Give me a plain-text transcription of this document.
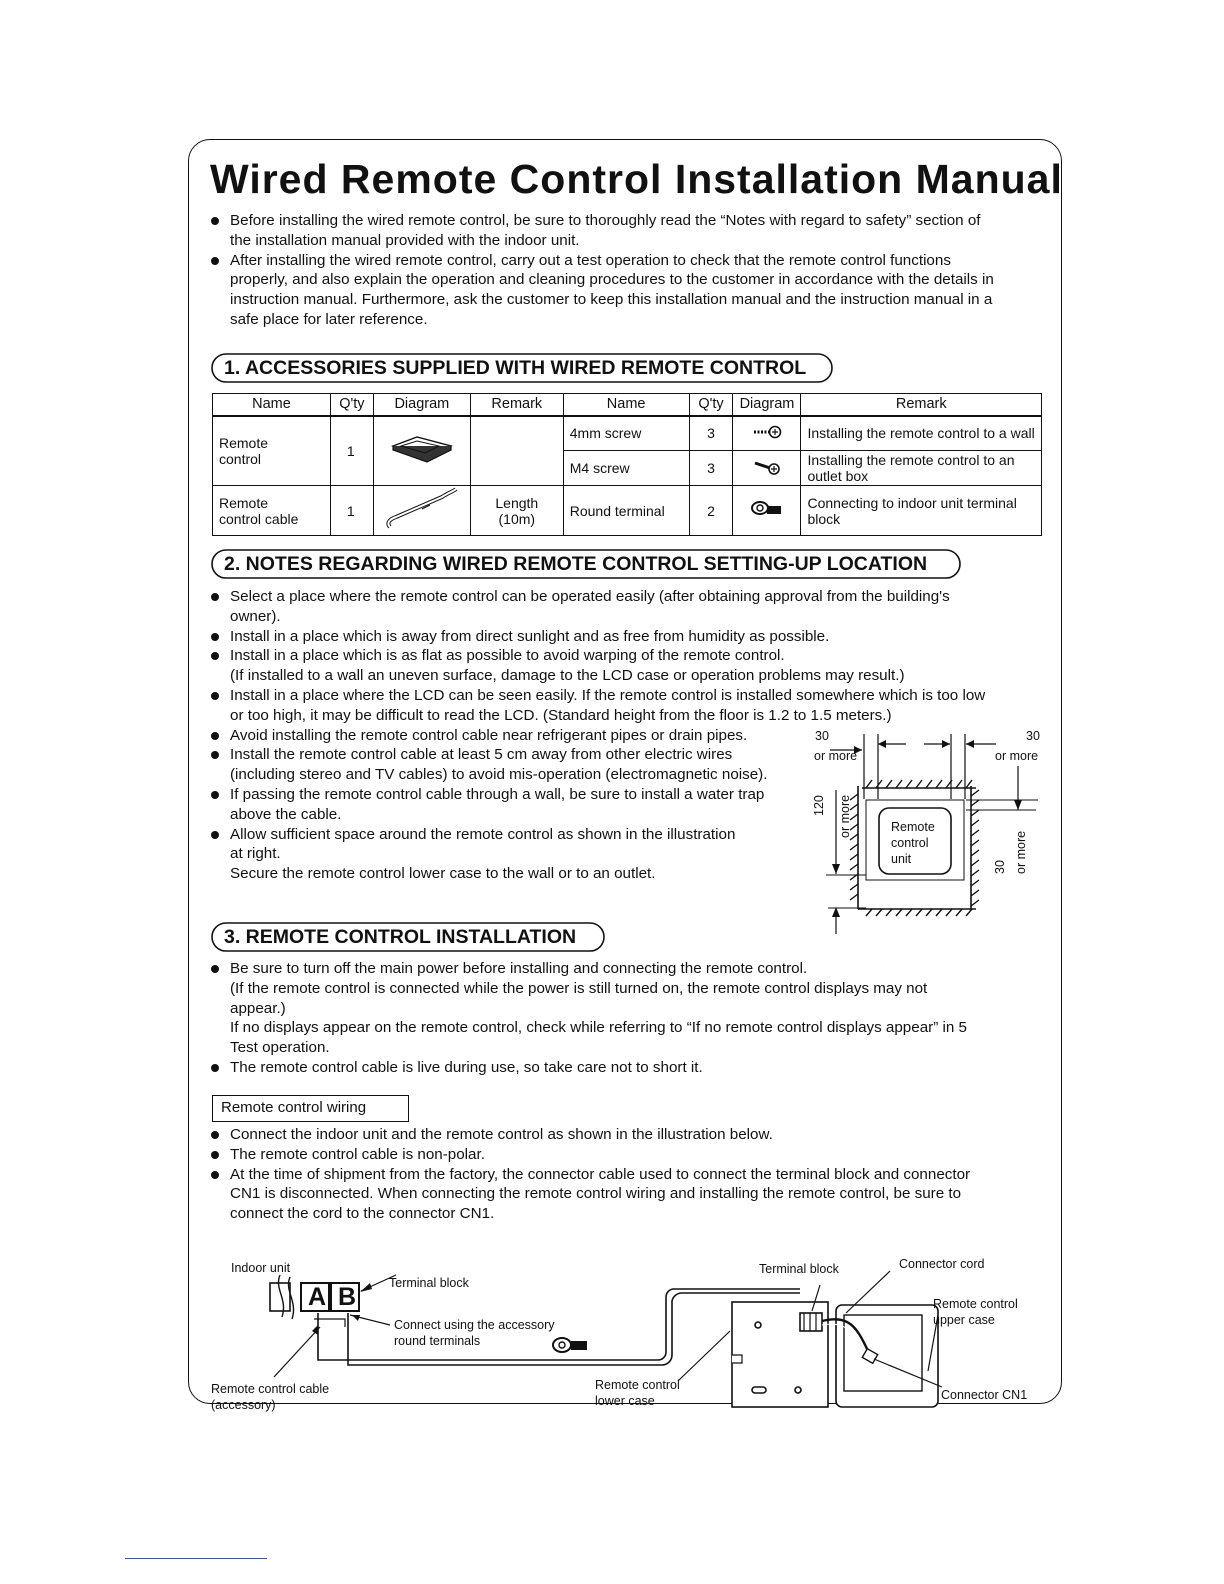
Wired Remote Control Installation Manual
Before installing the wired remote control, be sure to thoroughly read the “Notes with regard to safety” section of
the installation manual provided with the indoor unit.
After installing the wired remote control, carry out a test operation to check that the remote control functions
properly, and also explain the operation and cleaning procedures to the customer in accordance with the details in
instruction manual. Furthermore, ask the customer to keep this installation manual and the instruction manual in a
safe place for later reference.
1. ACCESSORIES SUPPLIED WITH WIRED REMOTE CONTROL
Name	Q'ty	Diagram	Remark	Name	Q'ty	Diagram	Remark
Remote control	1			4mm screw	3		Installing the remote control to a wall
				M4 screw	3		Installing the remote control to an outlet box
Remote control cable	1		Length (10m)	Round terminal	2		Connecting to indoor unit terminal block
2. NOTES REGARDING WIRED REMOTE CONTROL SETTING-UP LOCATION
Select a place where the remote control can be operated easily (after obtaining approval from the building's
owner).
Install in a place which is away from direct sunlight and as free from humidity as possible.
Install in a place which is as flat as possible to avoid warping of the remote control.
(If installed to a wall an uneven surface, damage to the LCD case or operation problems may result.)
Install in a place where the LCD can be seen easily. If the remote control is installed somewhere which is too low
or too high, it may be difficult to read the LCD. (Standard height from the floor is 1.2 to 1.5 meters.)
Avoid installing the remote control cable near refrigerant pipes or drain pipes.
Install the remote control cable at least 5 cm away from other electric wires
(including stereo and TV cables) to avoid mis-operation (electromagnetic noise).
If passing the remote control cable through a wall, be sure to install a water trap
above the cable.
Allow sufficient space around the remote control as shown in the illustration
at right.
Secure the remote control lower case to the wall or to an outlet.
30
or more
30
or more
120 or more
30 or more
Remote
control
unit
3. REMOTE CONTROL INSTALLATION
Be sure to turn off the main power before installing and connecting the remote control.
(If the remote control is connected while the power is still turned on, the remote control displays may not
appear.)
If no displays appear on the remote control, check while referring to “If no remote control displays appear” in 5
Test operation.
The remote control cable is live during use, so take care not to short it.
Remote control wiring
Connect the indoor unit and the remote control as shown in the illustration below.
The remote control cable is non-polar.
At the time of shipment from the factory, the connector cable used to connect the terminal block and connector
CN1 is disconnected. When connecting the remote control wiring and installing the remote control, be sure to
connect the cord to the connector CN1.
Indoor unit
Terminal block
A B
Connect using the accessory
round terminals
Remote control cable
(accessory)
Remote control
lower case
Terminal block	Connector cord
Remote control
upper case
Connector CN1
